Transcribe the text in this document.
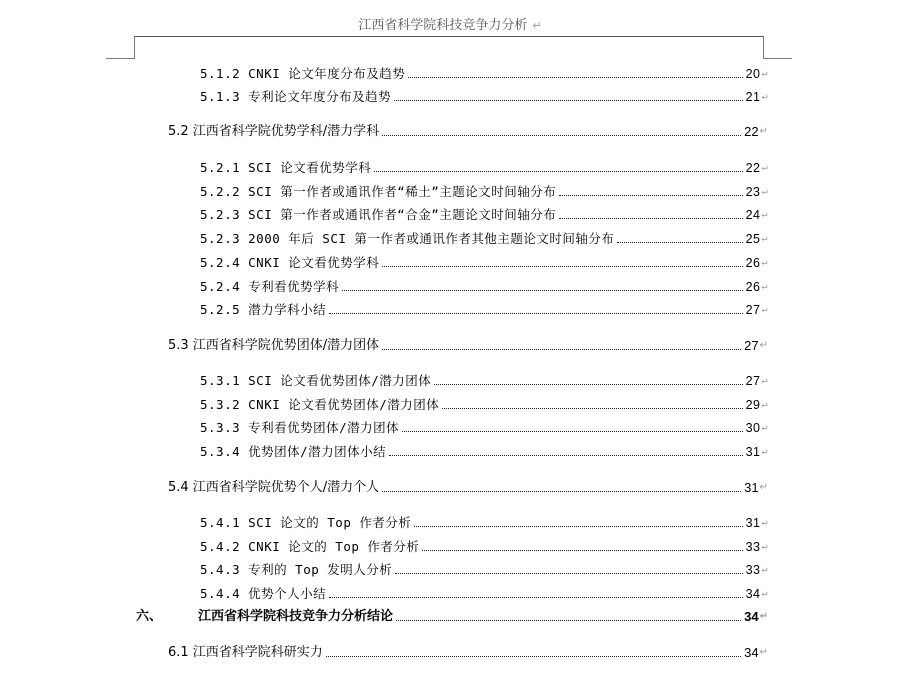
江西省科学院科技竞争力分析 ↵
5.1.2 CNKI 论文年度分布及趋势	20 ↵
5.1.3 专利论文年度分布及趋势	21 ↵
5.2 江西省科学院优势学科/潜力学科	22 ↵
5.2.1 SCI 论文看优势学科	22 ↵
5.2.2 SCI 第一作者或通讯作者“稀土”主题论文时间轴分布	23 ↵
5.2.3 SCI 第一作者或通讯作者“合金”主题论文时间轴分布	24 ↵
5.2.3 2000 年后 SCI 第一作者或通讯作者其他主题论文时间轴分布	25 ↵
5.2.4 CNKI 论文看优势学科	26 ↵
5.2.4 专利看优势学科	26 ↵
5.2.5 潜力学科小结	27 ↵
5.3 江西省科学院优势团体/潜力团体	27 ↵
5.3.1 SCI 论文看优势团体/潜力团体	27 ↵
5.3.2 CNKI 论文看优势团体/潜力团体	29 ↵
5.3.3 专利看优势团体/潜力团体	30 ↵
5.3.4 优势团体/潜力团体小结	31 ↵
5.4 江西省科学院优势个人/潜力个人	31 ↵
5.4.1 SCI 论文的 Top 作者分析	31 ↵
5.4.2 CNKI 论文的 Top 作者分析	33 ↵
5.4.3 专利的 Top 发明人分析	33 ↵
5.4.4 优势个人小结	34 ↵
六、	江西省科学院科技竞争力分析结论	34 ↵
6.1 江西省科学院科研实力	34 ↵
